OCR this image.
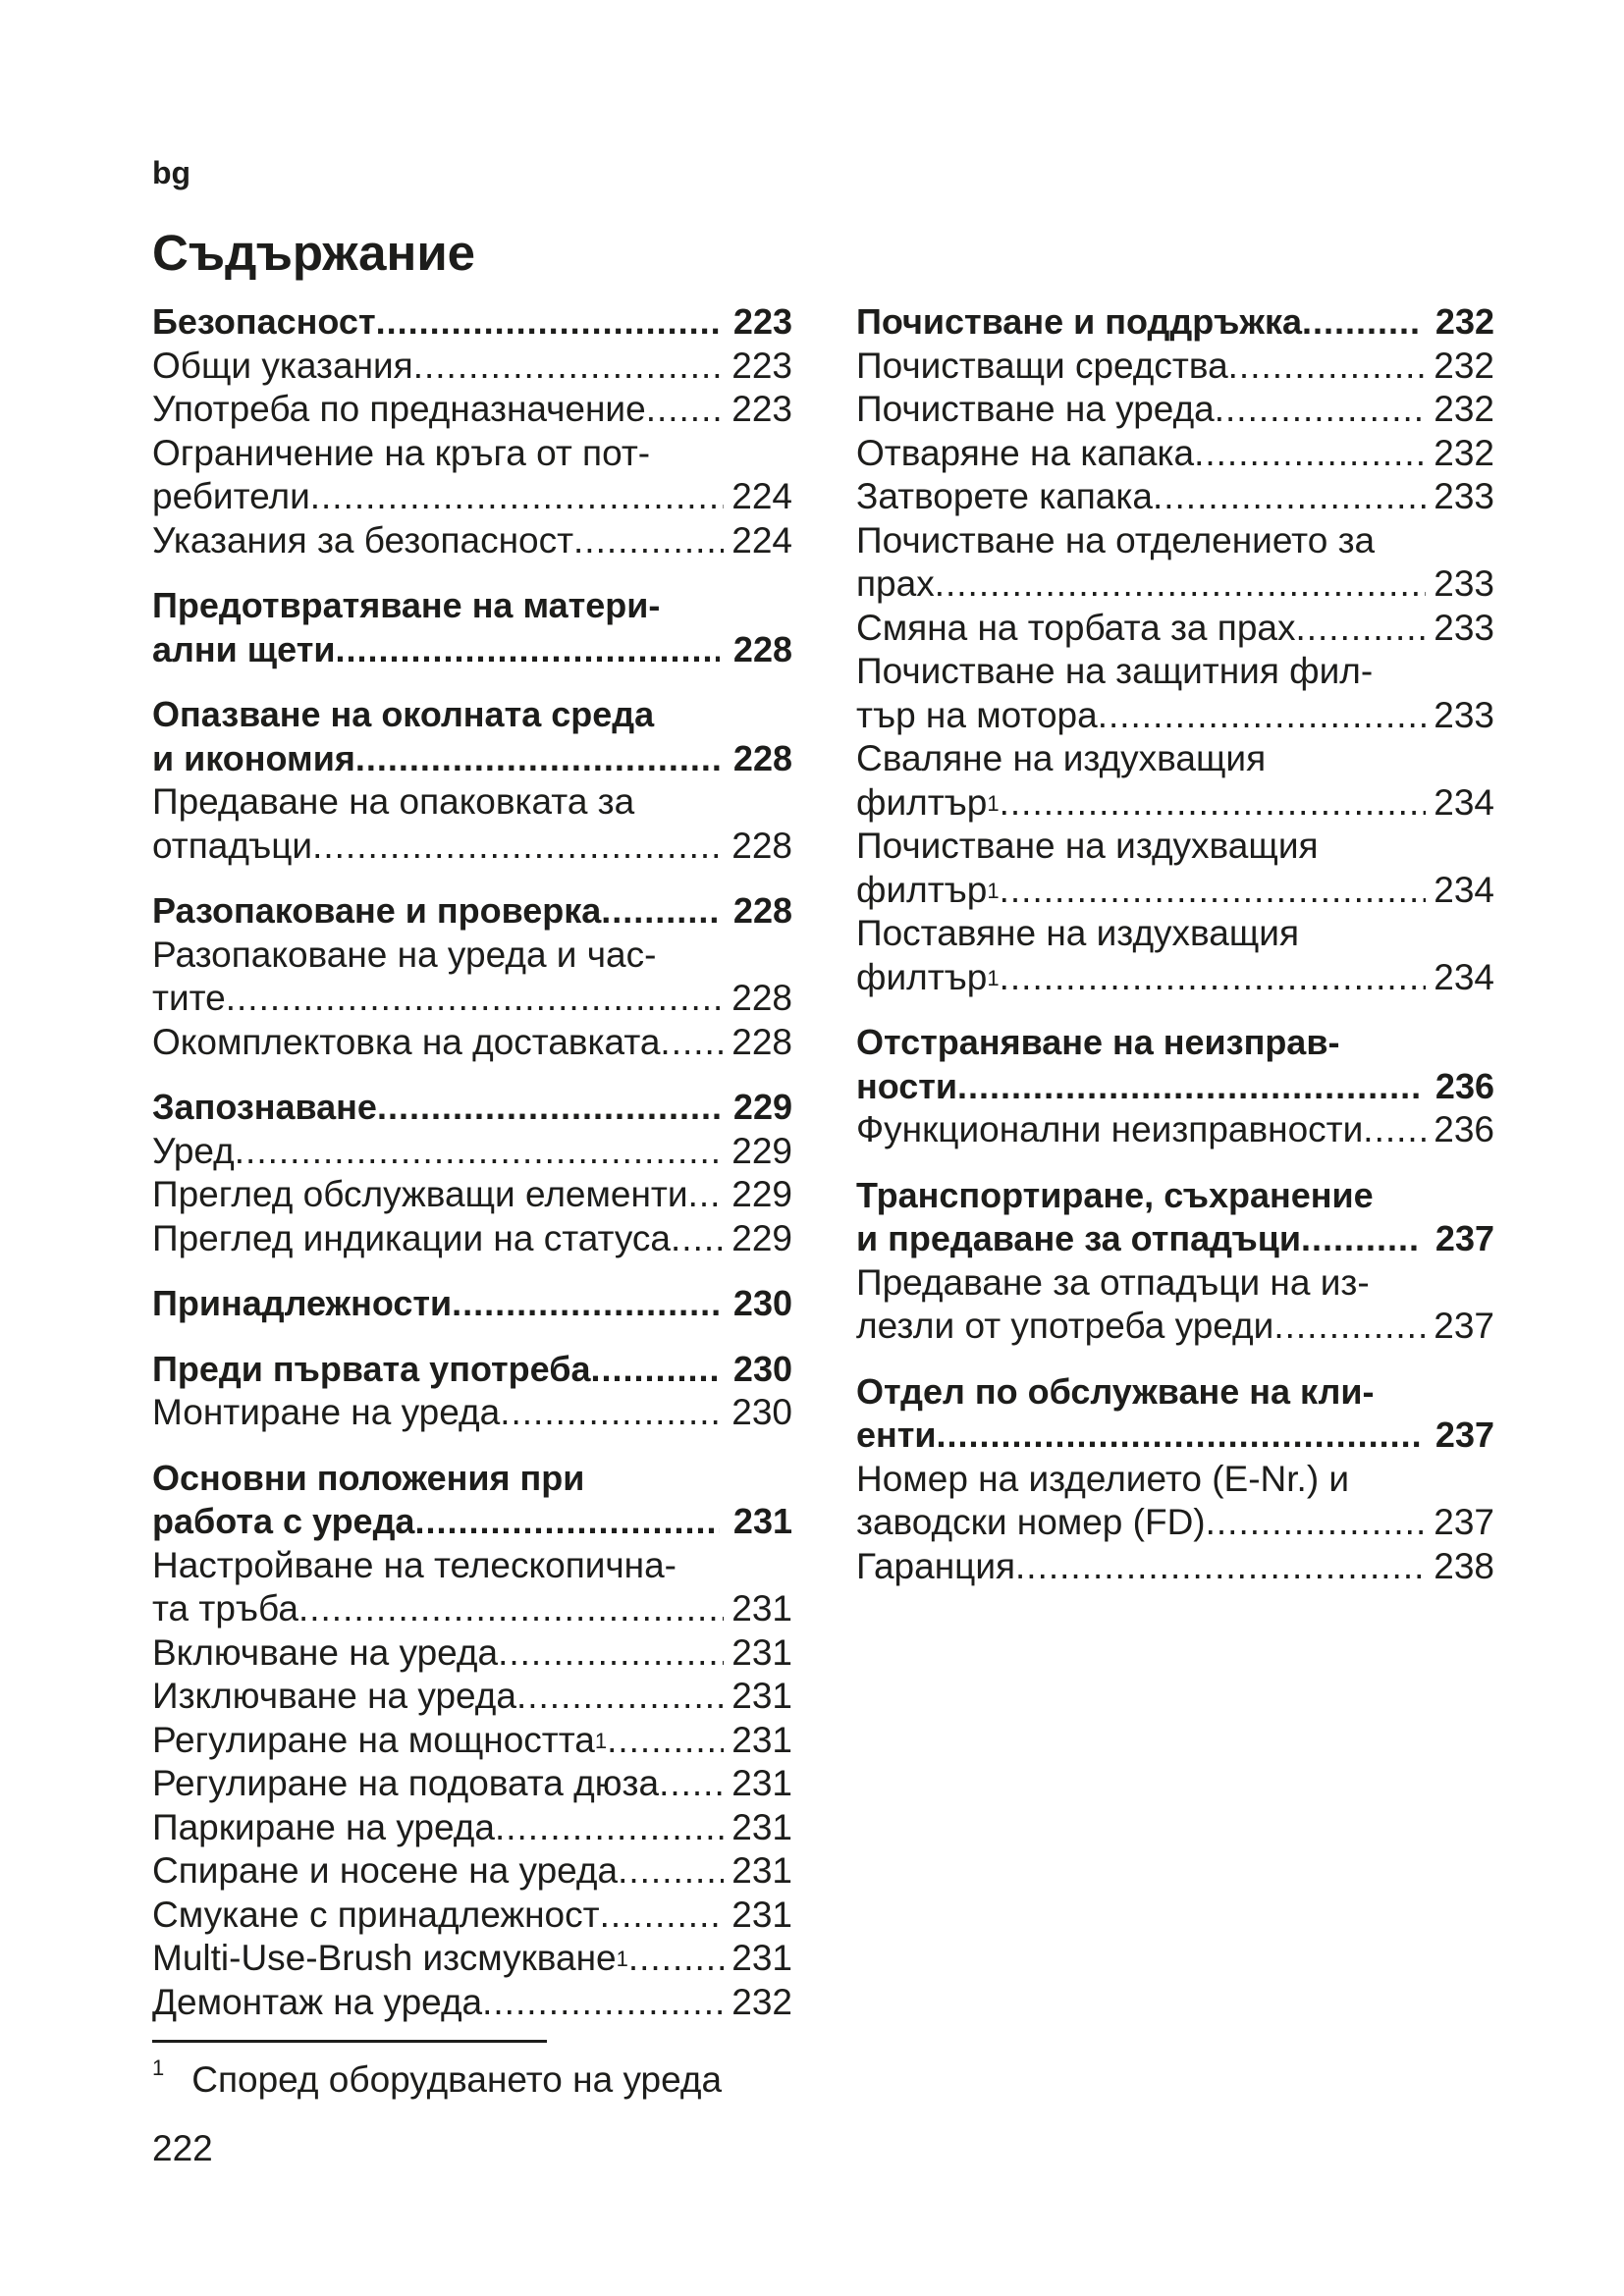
bg
Съдържание
Безопасност .....	223
Общи указания .....	223
Употреба по предназначение ..... 223
Ограничение на кръга от пот-
ребители .....	224
Указания за безопасност .....	224
Предотвратяване на матери-
ални щети .....	228
Опазване на околната среда
и икономия .....	228
Предаване на опаковката за
отпадъци .....	228
Разопаковане и проверка .....	228
Разопаковане на уреда и час-
тите .....	228
Окомплектовка на доставката ..... 228
Запознаване .....	229
Уред .....	229
Преглед обслужващи елементи ..... 229
Преглед индикации на статуса ..... 229
Принадлежности .....	230
Преди първата употреба .....	230
Монтиране на уреда .....	230
Основни положения при
работа с уреда .....	231
Настройване на телескопична-
та тръба .....	231
Включване на уреда .....	231
Изключване на уреда .....	231
Регулиране на мощността$^1$ .....	231
Регулиране на подовата дюза ..... 231
Паркиране на уреда .....	231
Спиране и носене на уреда .....	231
Смукане с принадлежност .....	231
Multi-Use-Brush изсмукване$^1$ .....	231
Демонтаж на уреда .....	232
Почистване и поддръжка .....	232
Почистващи средства .....	232
Почистване на уреда .....	232
Отваряне на капака .....	232
Затворете капака .....	233
Почистване на отделението за
прах .....	233
Смяна на торбата за прах .....	233
Почистване на защитния фил-
тър на мотора .....	233
Сваляне на издухващия
филтър$^1$ .....	234
Почистване на издухващия
филтър$^1$ .....	234
Поставяне на издухващия
филтър$^1$ .....	234
Отстраняване на неизправ-
ности .....	236
Функционални неизправности ..... 236
Транспортиране, съхранение
и предаване за отпадъци .....	237
Предаване за отпадъци на из-
лезли от употреба уреди .....	237
Отдел по обслужване на кли-
енти .....	237
Номер на изделието (E-Nr.) и
заводски номер (FD) .....	237
Гаранция .....	238
$^1$ Според оборудването на уреда
222
